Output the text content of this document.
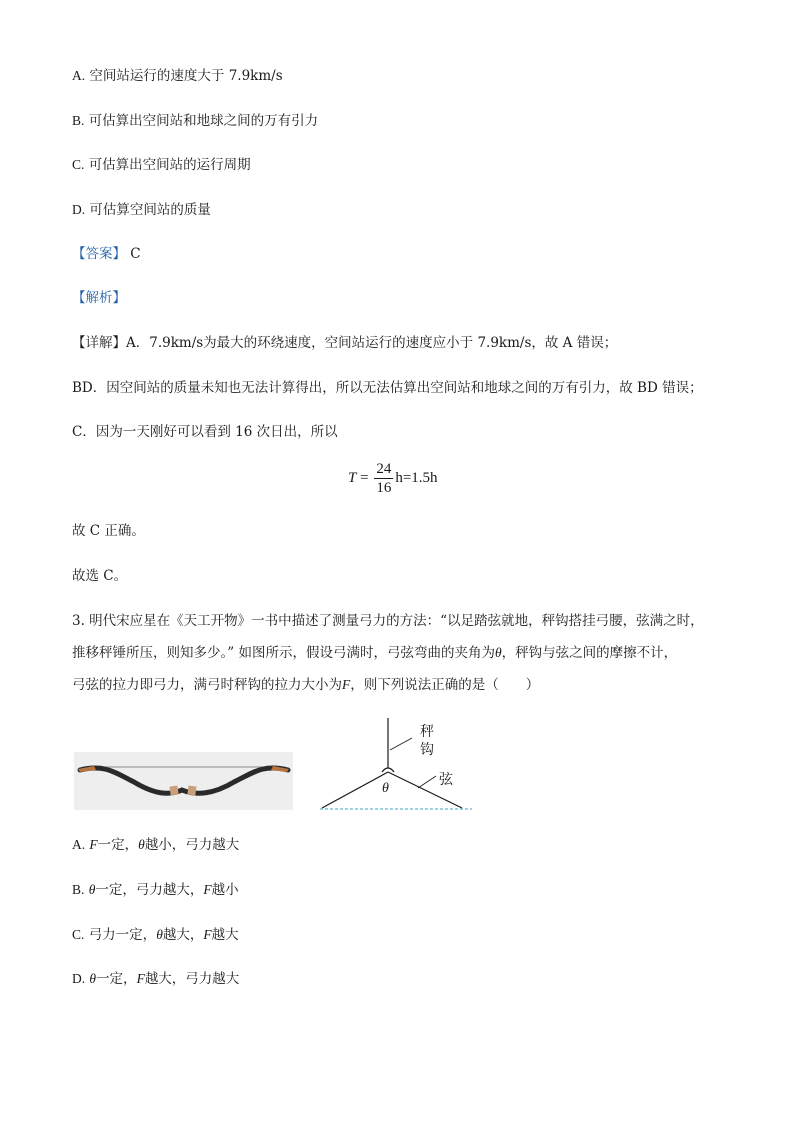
A. 空间站运行的速度大于 7.9km/s
B. 可估算出空间站和地球之间的万有引力
C. 可估算出空间站的运行周期
D. 可估算空间站的质量
【答案】 C
【解析】
【详解】A．7.9km/s为最大的环绕速度，空间站运行的速度应小于 7.9km/s，故 A 错误；
BD．因空间站的质量未知也无法计算得出，所以无法估算出空间站和地球之间的万有引力，故 BD 错误；
C．因为一天刚好可以看到 16 次日出，所以
$T = \frac{24}{16} h=1.5h$
故 C 正确。
故选 C。
3. 明代宋应星在《天工开物》一书中描述了测量弓力的方法：“以足踏弦就地，秤钩搭挂弓腰，弦满之时，
推移秤锤所压，则知多少。” 如图所示，假设弓满时，弓弦弯曲的夹角为θ，秤钩与弦之间的摩擦不计，
弓弦的拉力即弓力，满弓时秤钩的拉力大小为F，则下列说法正确的是（　　）
秤
钩
弦
θ
A. F一定，θ越小，弓力越大
B. θ一定，弓力越大，F越小
C. 弓力一定，θ越大，F越大
D. θ一定，F越大，弓力越大
